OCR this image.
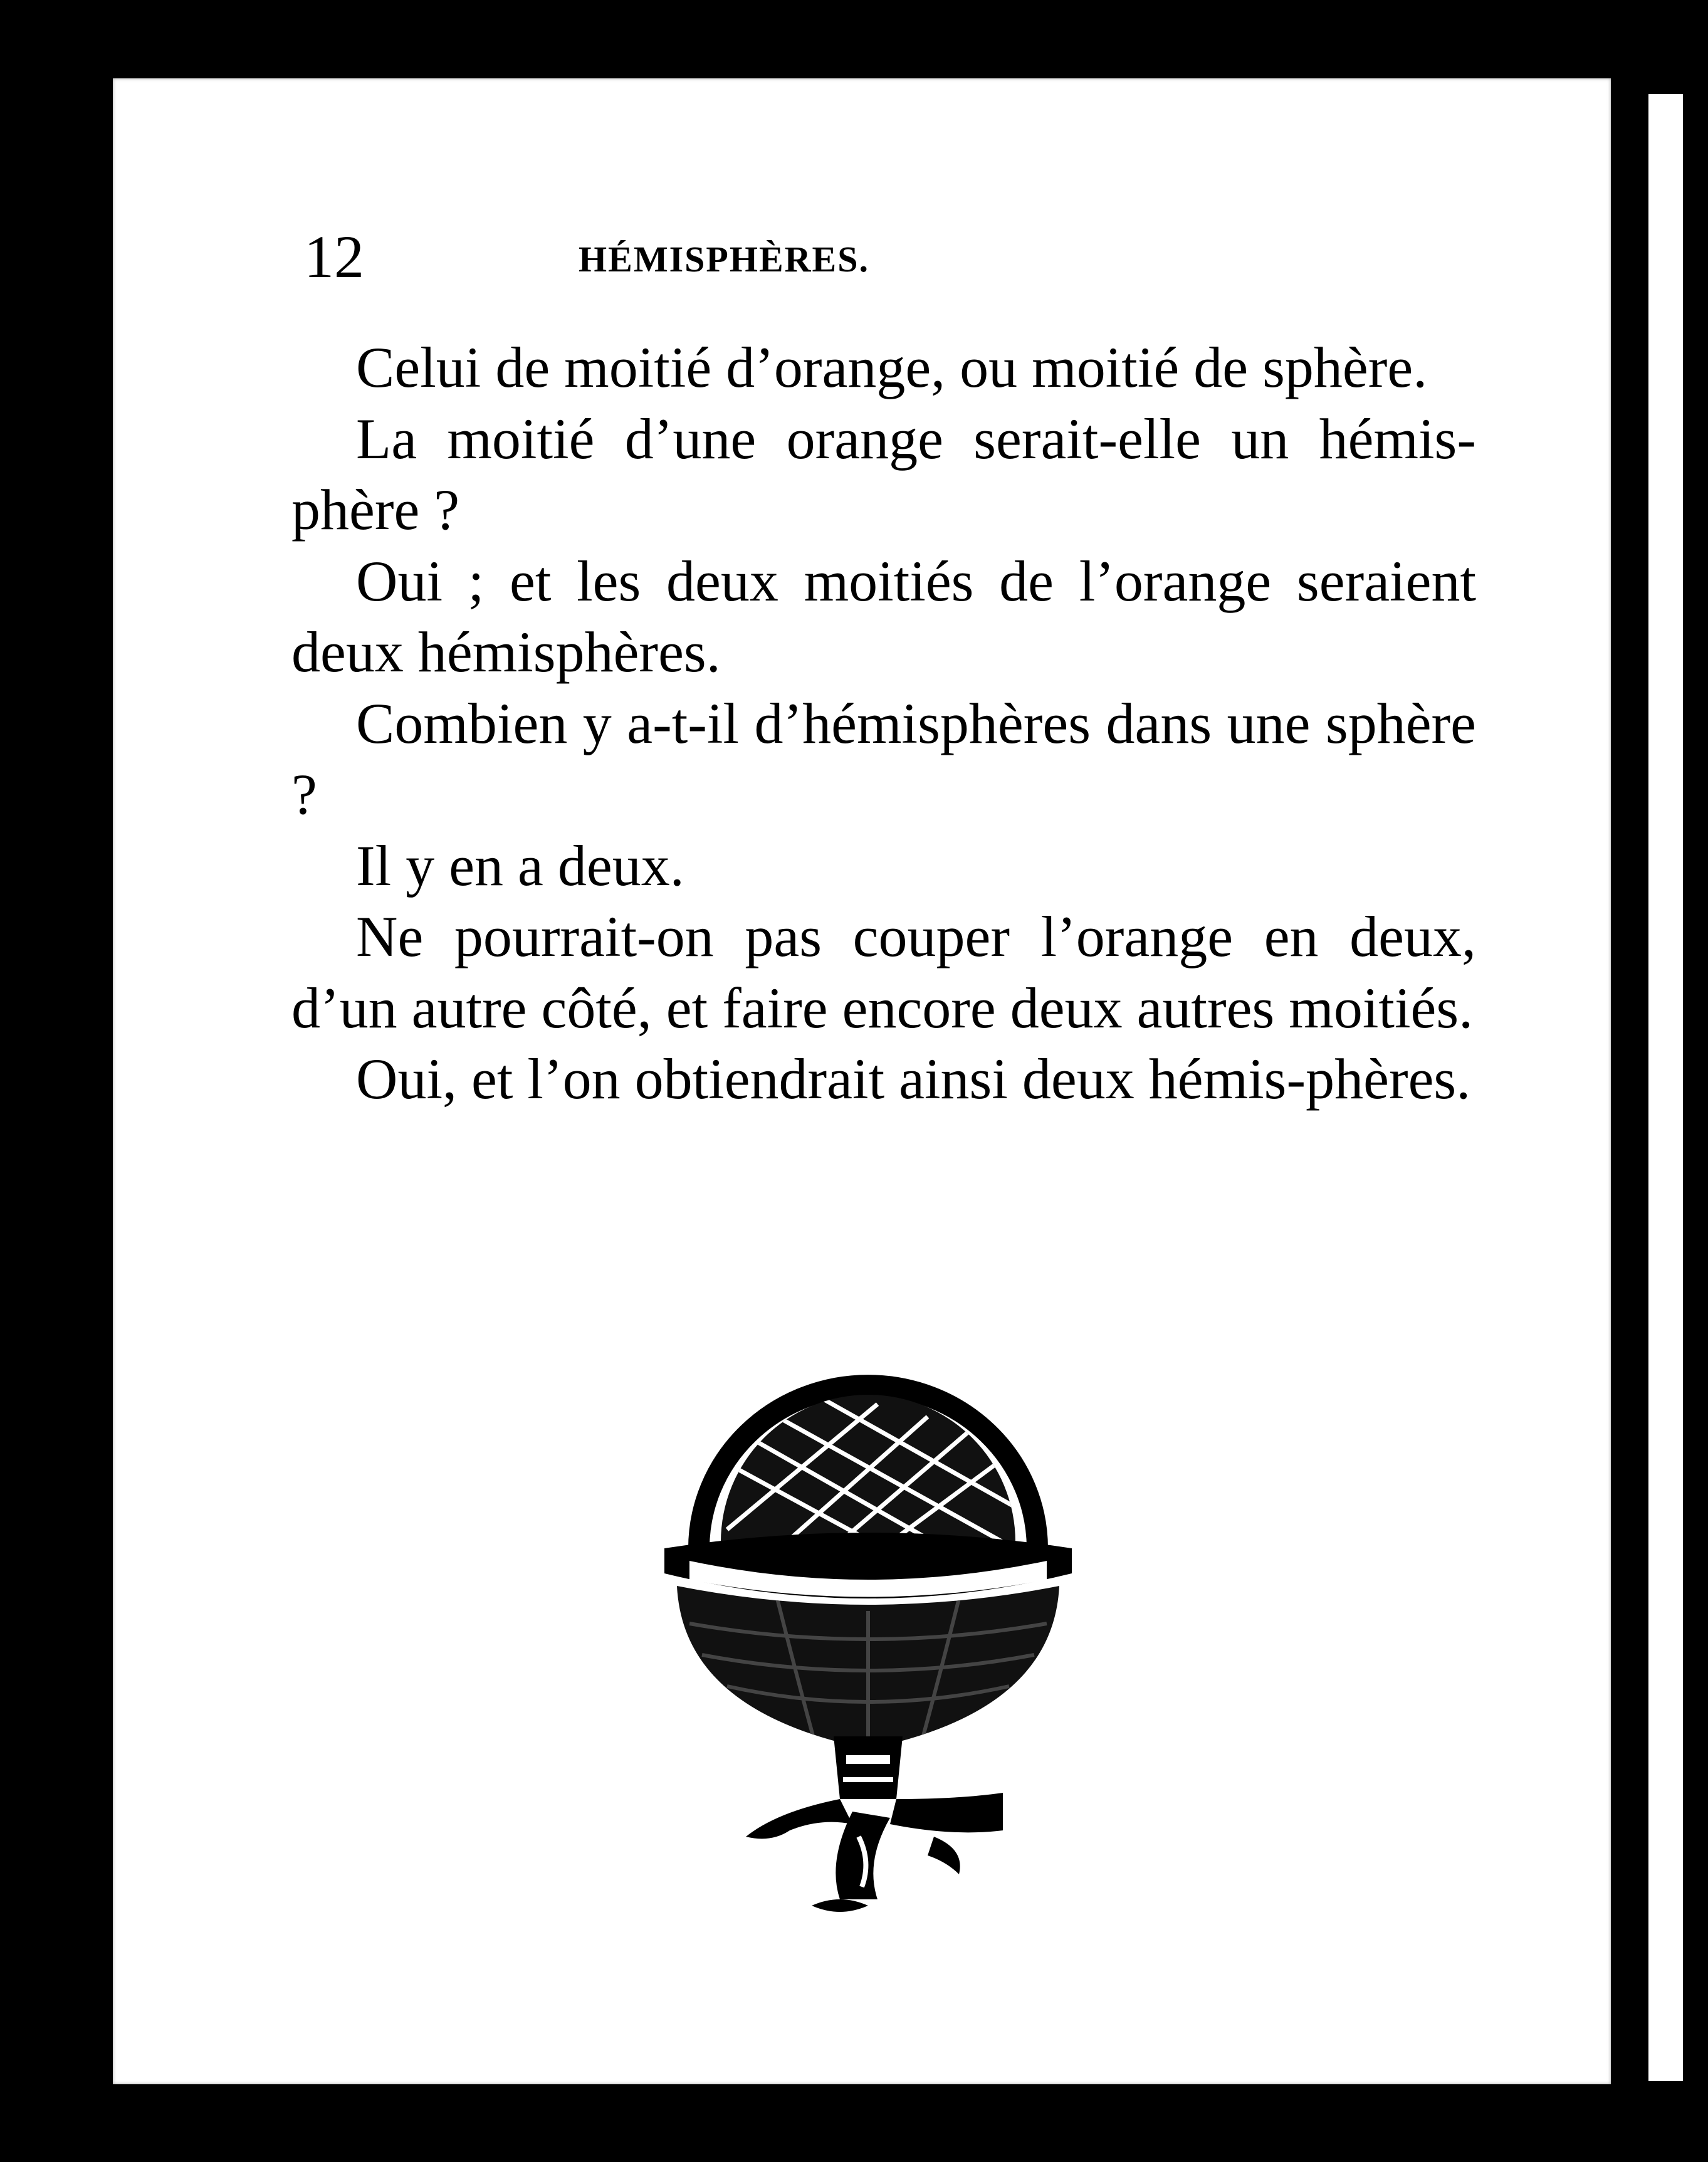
12	HÉMISPHÈRES.

Celui de moitié d’orange, ou moitié de sphère.

La moitié d’une orange serait-elle un hémis-phère ?

Oui ; et les deux moitiés de l’orange seraient deux hémisphères.

Combien y a-t-il d’hémisphères dans une sphère ?

Il y en a deux.

Ne pourrait-on pas couper l’orange en deux, d’un autre côté, et faire encore deux autres moitiés.

Oui, et l’on obtiendrait ainsi deux hémis-phères.
